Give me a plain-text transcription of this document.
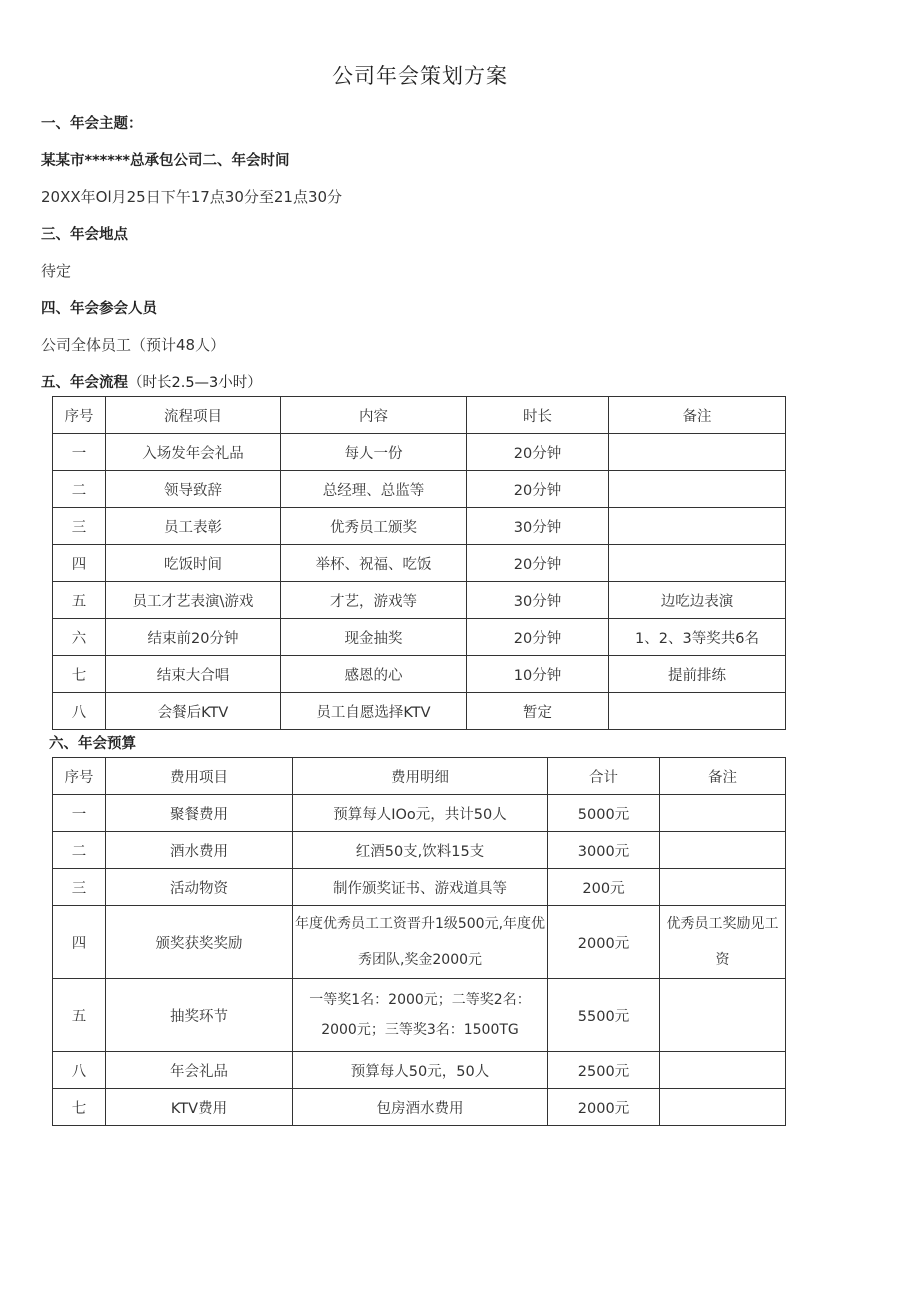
公司年会策划方案
一、年会主题：
某某市******总承包公司二、年会时间
20XX年Ol月25日下午17点30分至21点30分
三、年会地点
待定
四、年会参会人员
公司全体员工（预计48人）
五、年会流程（时长2.5—3小时）
序号	流程项目	内容	时长	备注
一	入场发年会礼品	每人一份	20分钟	
二	领导致辞	总经理、总监等	20分钟	
三	员工表彰	优秀员工颁奖	30分钟	
四	吃饭时间	举杯、祝福、吃饭	20分钟	
五	员工才艺表演\游戏	才艺，游戏等	30分钟	边吃边表演
六	结束前20分钟	现金抽奖	20分钟	1、2、3等奖共6名
七	结束大合唱	感恩的心	10分钟	提前排练
八	会餐后KTV	员工自愿选择KTV	暂定	
六、年会预算
序号	费用项目	费用明细	合计	备注
一	聚餐费用	预算每人IOo元，共计50人	5000元	
二	酒水费用	红酒50支,饮料15支	3000元	
三	活动物资	制作颁奖证书、游戏道具等	200元	
四	颁奖获奖奖励	年度优秀员工工资晋升1级500元,年度优秀团队,奖金2000元	2000元	优秀员工奖励见工资
五	抽奖环节	一等奖1名：2000元；二等奖2名：
2000元；三等奖3名：1500TG	5500元	
八	年会礼品	预算每人50元，50人	2500元	
七	KTV费用	包房酒水费用	2000元	
